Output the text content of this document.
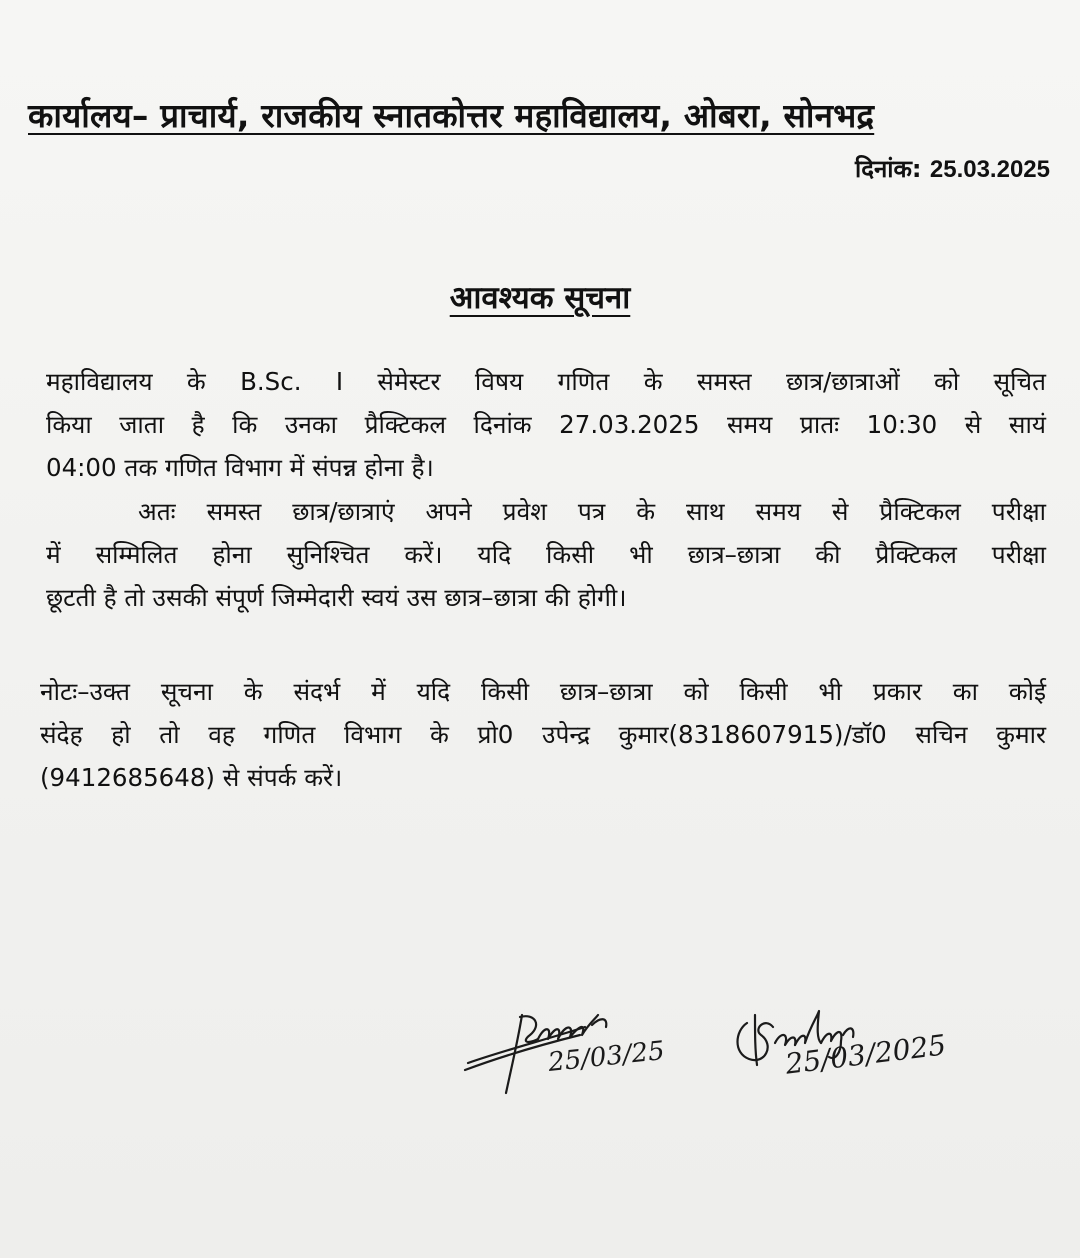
कार्यालय– प्राचार्य, राजकीय स्नातकोत्तर महाविद्यालय, ओबरा, सोनभद्र
दिनांक: 25.03.2025
आवश्यक सूचना
महाविद्यालय के B.Sc. I सेमेस्टर विषय गणित के समस्त छात्र/छात्राओं को सूचित
किया जाता है कि उनका प्रैक्टिकल दिनांक 27.03.2025 समय प्रातः 10:30 से सायं
04:00 तक गणित विभाग में संपन्न होना है।
अतः समस्त छात्र/छात्राएं अपने प्रवेश पत्र के साथ समय से प्रैक्टिकल परीक्षा
में सम्मिलित होना सुनिश्चित करें। यदि किसी भी छात्र–छात्रा की प्रैक्टिकल परीक्षा
छूटती है तो उसकी संपूर्ण जिम्मेदारी स्वयं उस छात्र–छात्रा की होगी।
नोटः–उक्त सूचना के संदर्भ में यदि किसी छात्र–छात्रा को किसी भी प्रकार का कोई
संदेह हो तो वह गणित विभाग के प्रो0 उपेन्द्र कुमार(8318607915)/डॉ0 सचिन कुमार
(9412685648) से संपर्क करें।
25/03/25	25/03/2025
